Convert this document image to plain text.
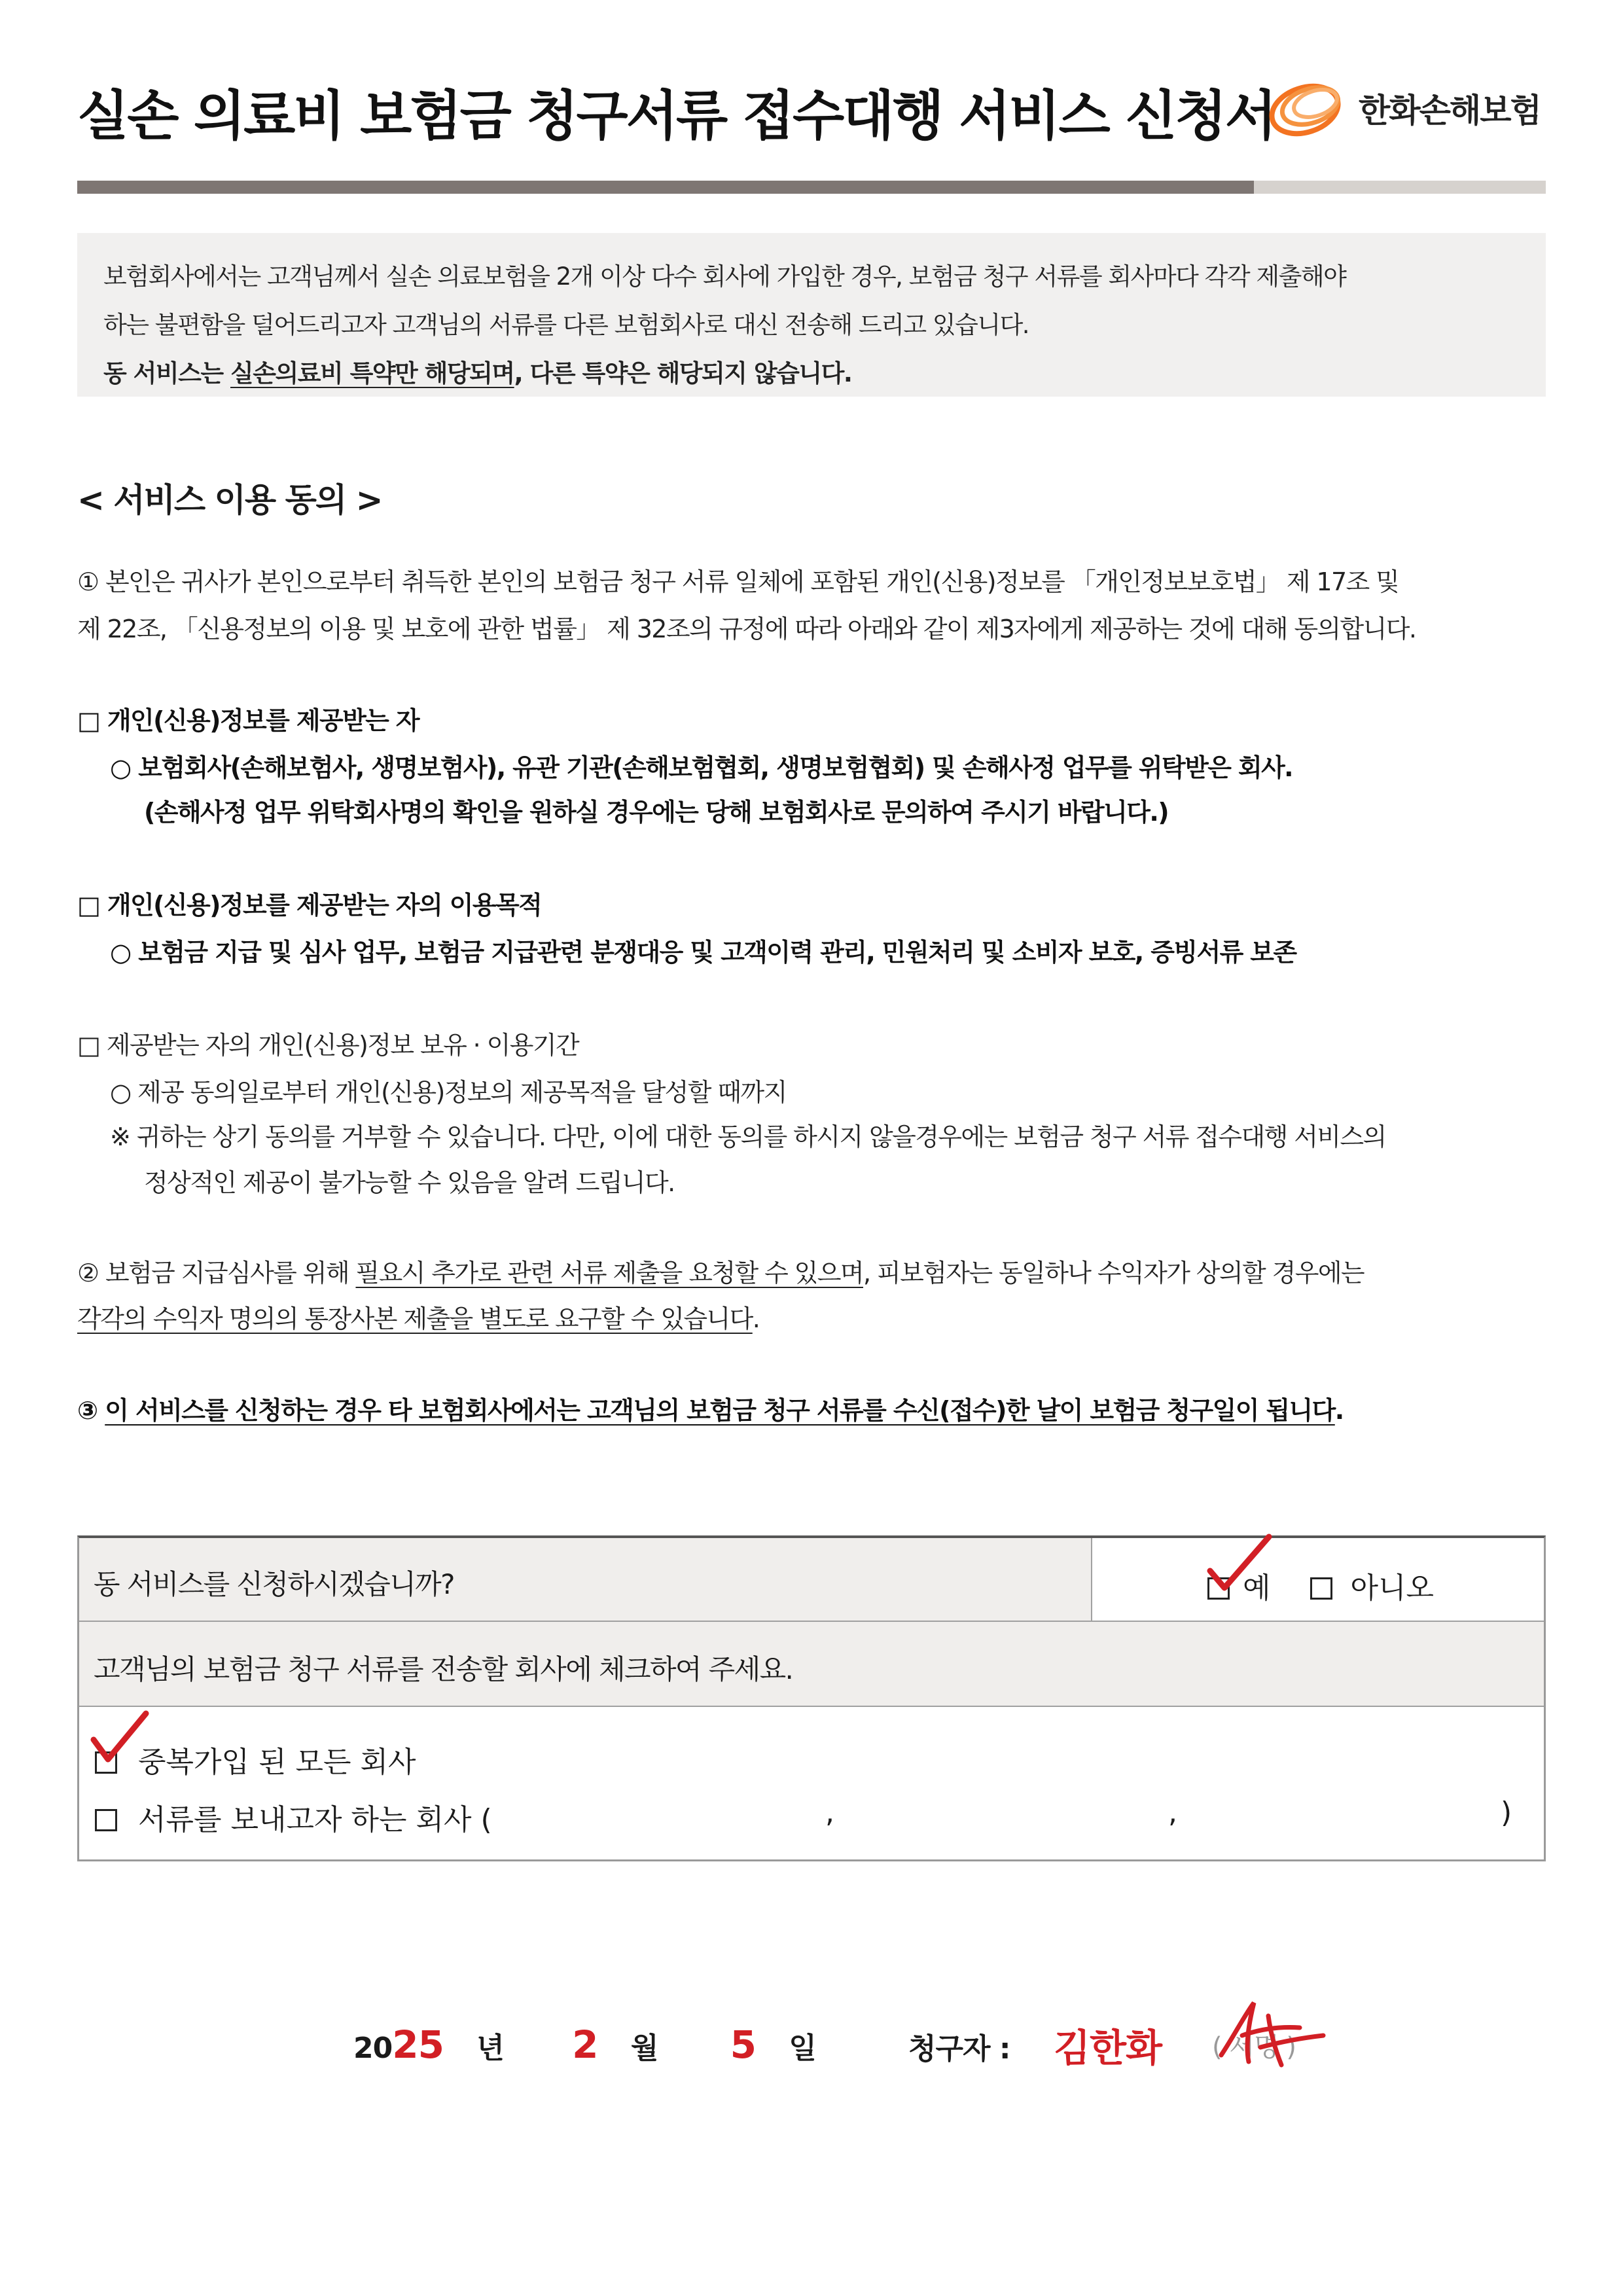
실손 의료비 보험금 청구서류 접수대행 서비스 신청서	한화손해보험

보험회사에서는 고객님께서 실손 의료보험을 2개 이상 다수 회사에 가입한 경우, 보험금 청구 서류를 회사마다 각각 제출해야

하는 불편함을 덜어드리고자 고객님의 서류를 다른 보험회사로 대신 전송해 드리고 있습니다.

동 서비스는 실손의료비 특약만 해당되며, 다른 특약은 해당되지 않습니다.

< 서비스 이용 동의 >
① 본인은 귀사가 본인으로부터 취득한 본인의 보험금 청구 서류 일체에 포함된 개인(신용)정보를 「개인정보보호법」 제 17조 및
제 22조, 「신용정보의 이용 및 보호에 관한 법률」 제 32조의 규정에 따라 아래와 같이 제3자에게 제공하는 것에 대해 동의합니다.
□ 개인(신용)정보를 제공받는 자
○ 보험회사(손해보험사, 생명보험사), 유관 기관(손해보험협회, 생명보험협회) 및 손해사정 업무를 위탁받은 회사.
(손해사정 업무 위탁회사명의 확인을 원하실 경우에는 당해 보험회사로 문의하여 주시기 바랍니다.)
□ 개인(신용)정보를 제공받는 자의 이용목적
○ 보험금 지급 및 심사 업무, 보험금 지급관련 분쟁대응 및 고객이력 관리, 민원처리 및 소비자 보호, 증빙서류 보존
□ 제공받는 자의 개인(신용)정보 보유 · 이용기간
○ 제공 동의일로부터 개인(신용)정보의 제공목적을 달성할 때까지
※ 귀하는 상기 동의를 거부할 수 있습니다. 다만, 이에 대한 동의를 하시지 않을경우에는 보험금 청구 서류 접수대행 서비스의
정상적인 제공이 불가능할 수 있음을 알려 드립니다.
② 보험금 지급심사를 위해 필요시 추가로 관련 서류 제출을 요청할 수 있으며, 피보험자는 동일하나 수익자가 상의할 경우에는
각각의 수익자 명의의 통장사본 제출을 별도로 요구할 수 있습니다.
③ 이 서비스를 신청하는 경우 타 보험회사에서는 고객님의 보험금 청구 서류를 수신(접수)한 날이 보험금 청구일이 됩니다.
동 서비스를 신청하시겠습니까?	예	아니오
고객님의 보험금 청구 서류를 전송할 회사에 체크하여 주세요.
중복가입 된 모든 회사
서류를 보내고자 하는 회사 (	,	,	)
2025 년 2 월 5 일	청구자 : 김한화 ( 서명 )
